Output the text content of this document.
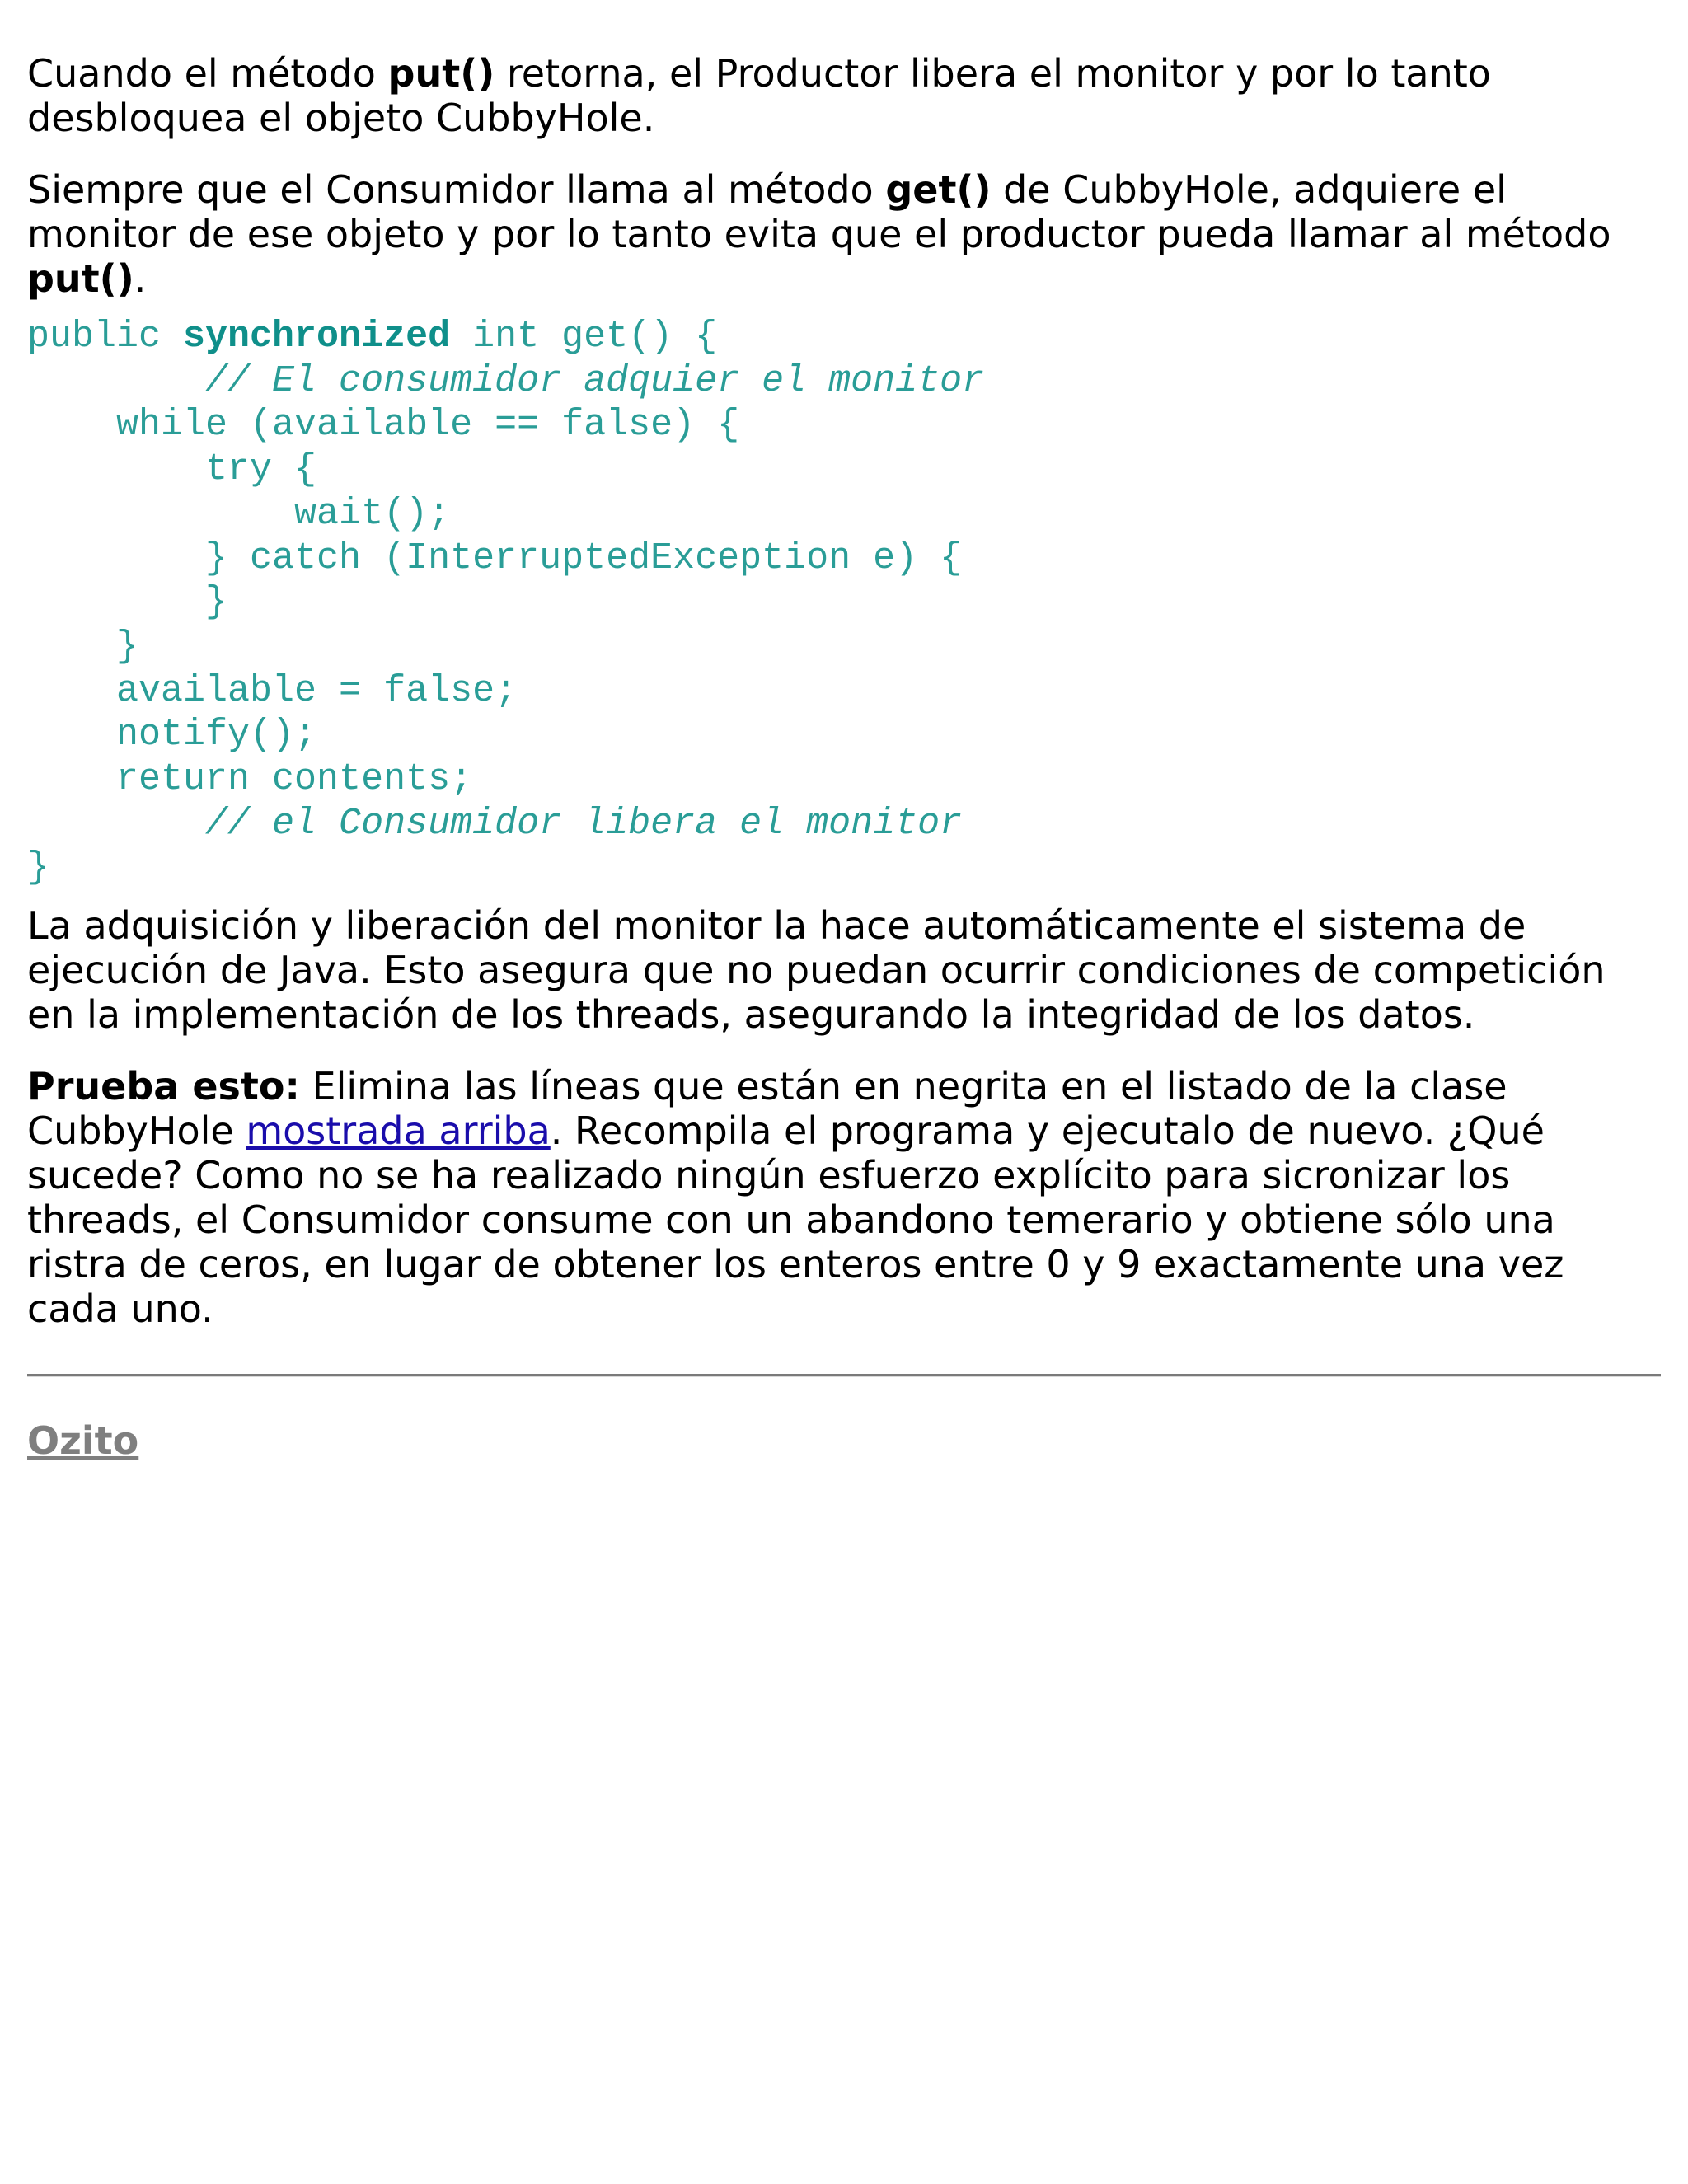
Cuando el método put() retorna, el Productor libera el monitor y por lo tanto desbloquea el objeto CubbyHole.

Siempre que el Consumidor llama al método get() de CubbyHole, adquiere el monitor de ese objeto y por lo tanto evita que el productor pueda llamar al método put().

public synchronized int get() {
// El consumidor adquier el monitor
while (available == false) {
try {
wait();
} catch (InterruptedException e) {
}
}
available = false;
notify();
return contents;
// el Consumidor libera el monitor
}

La adquisición y liberación del monitor la hace automáticamente el sistema de ejecución de Java. Esto asegura que no puedan ocurrir condiciones de competición en la implementación de los threads, asegurando la integridad de los datos.

Prueba esto: Elimina las líneas que están en negrita en el listado de la clase CubbyHole mostrada arriba. Recompila el programa y ejecutalo de nuevo. ¿Qué sucede? Como no se ha realizado ningún esfuerzo explícito para sicronizar los threads, el Consumidor consume con un abandono temerario y obtiene sólo una ristra de ceros, en lugar de obtener los enteros entre 0 y 9 exactamente una vez cada uno.

Ozito
